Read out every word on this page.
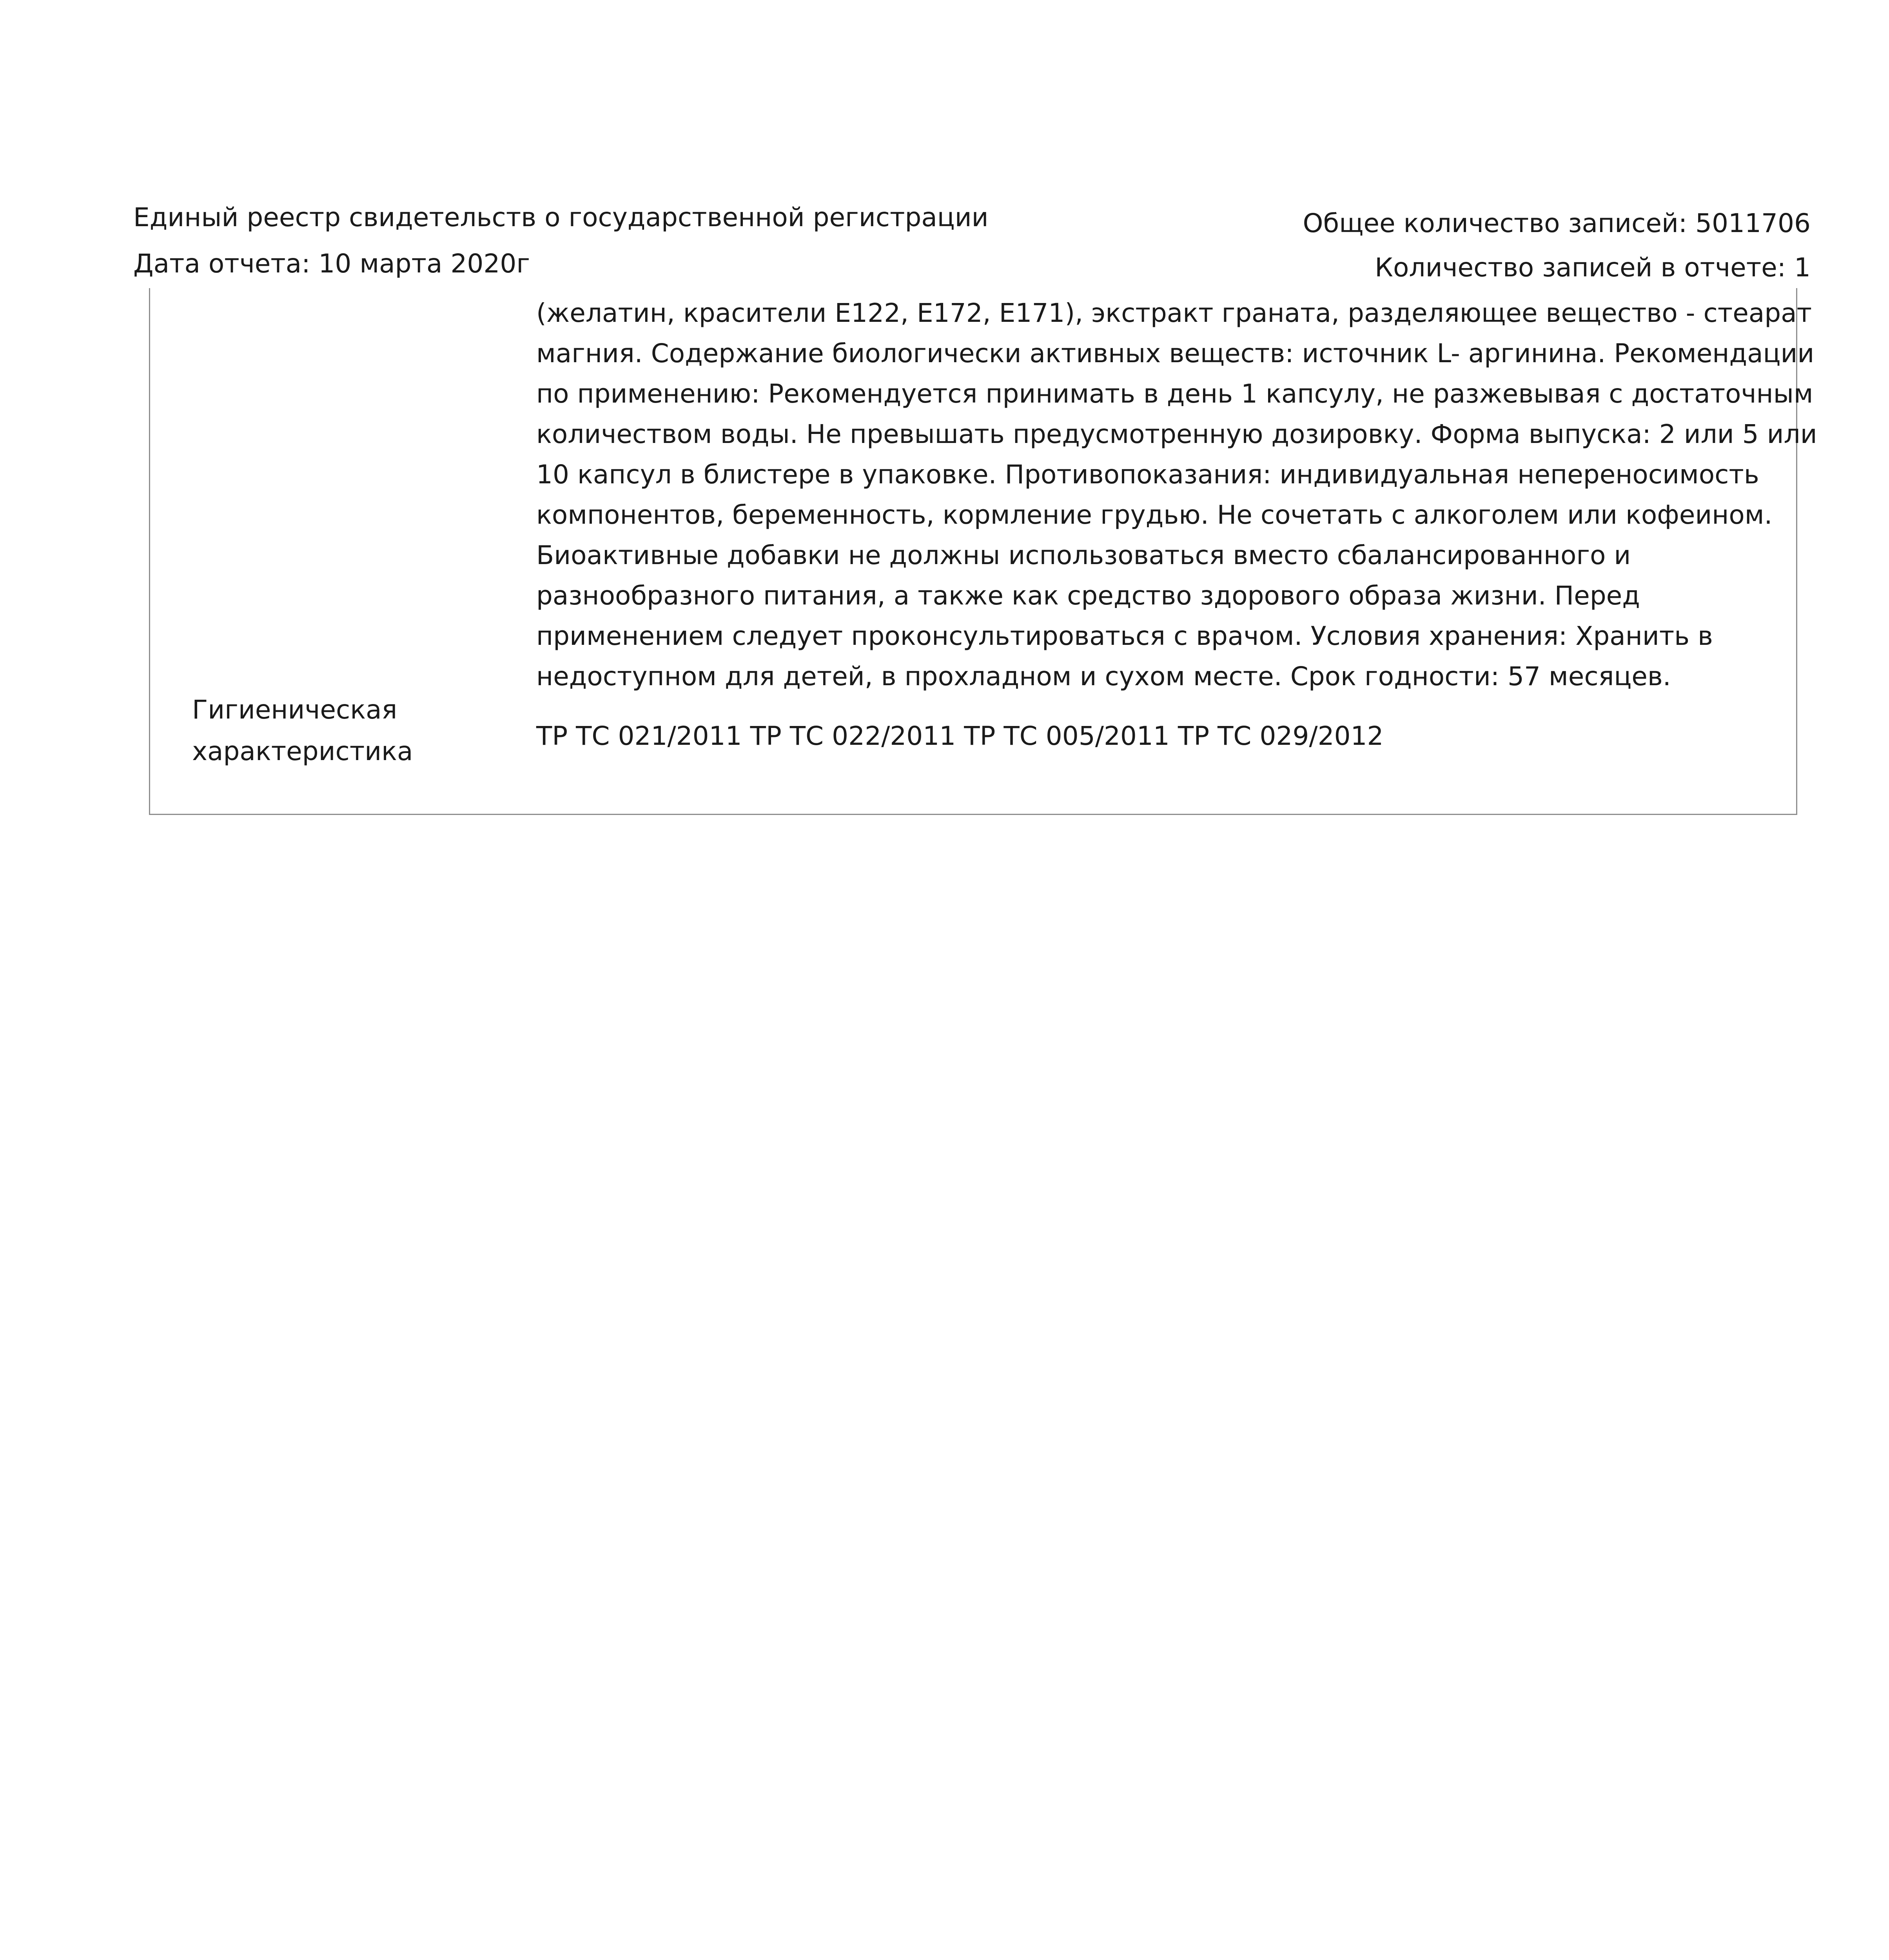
Единый реестр свидетельств о государственной регистрации
Дата отчета: 10 марта 2020г
Общее количество записей: 5011706
Количество записей в отчете: 1
(желатин, красители Е122, Е172, Е171), экстракт граната, разделяющее вещество - стеарат
магния. Содержание биологически активных веществ: источник L- аргинина. Рекомендации
по применению: Рекомендуется принимать в день 1 капсулу, не разжевывая с достаточным
количеством воды. Не превышать предусмотренную дозировку. Форма выпуска: 2 или 5 или
10 капсул в блистере в упаковке. Противопоказания: индивидуальная непереносимость
компонентов, беременность, кормление грудью. Не сочетать с алкоголем или кофеином.
Биоактивные добавки не должны использоваться вместо сбалансированного и
разнообразного питания, а также как средство здорового образа жизни. Перед
применением следует проконсультироваться с врачом. Условия хранения: Хранить в
недоступном для детей, в прохладном и сухом месте. Срок годности: 57 месяцев.
Гигиеническая
характеристика
ТР ТС 021/2011 ТР ТС 022/2011 ТР ТС 005/2011 ТР ТС 029/2012
